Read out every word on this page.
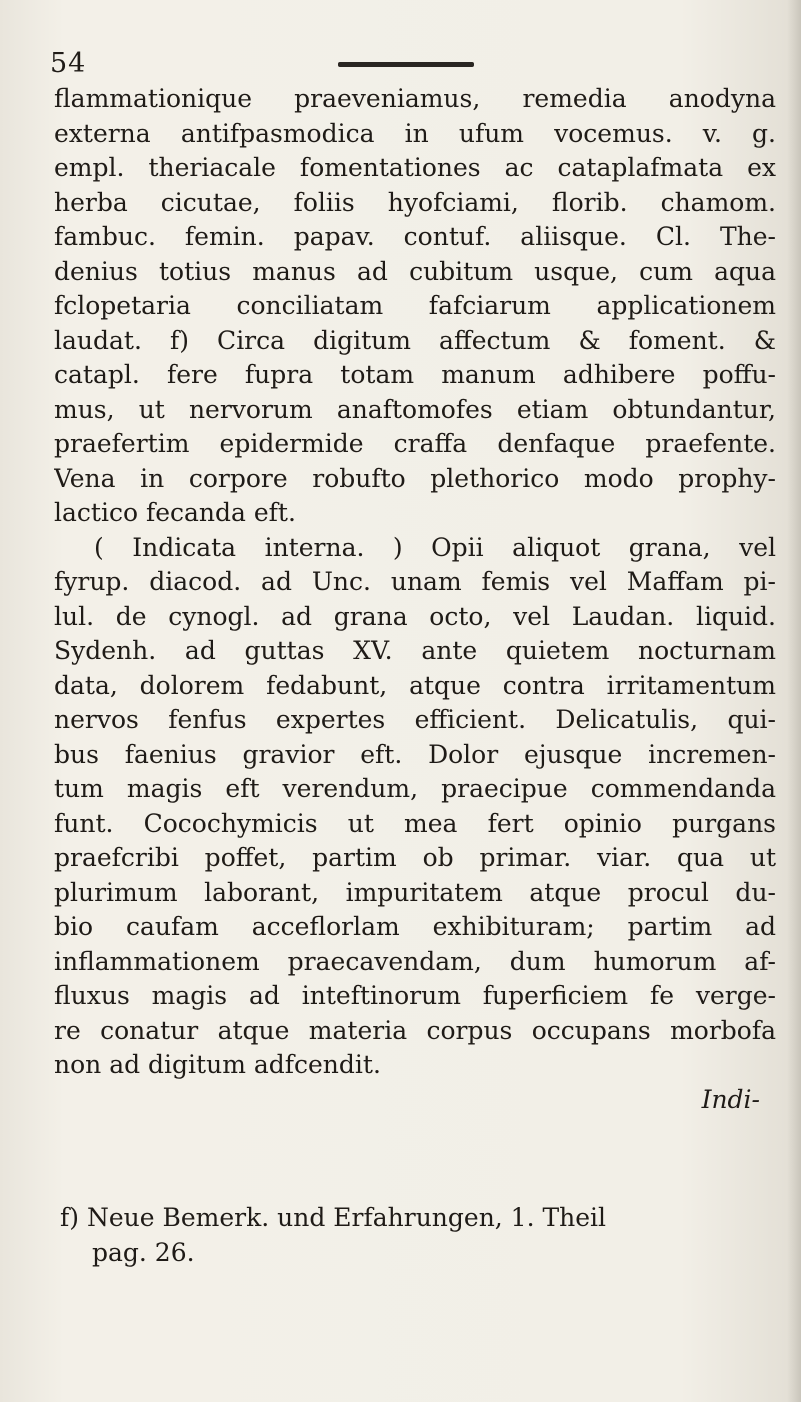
54
flammationique praeveniamus, remedia anodyna
externa antifpasmodica in ufum vocemus. v. g.
empl. theriacale fomentationes ac cataplafmata ex
herba cicutae, foliis hyofciami, florib. chamom.
fambuc. femin. papav. contuf. aliisque. Cl. The-
denius totius manus ad cubitum usque, cum aqua
fclopetaria conciliatam fafciarum applicationem
laudat. f) Circa digitum affectum & foment. &
catapl. fere fupra totam manum adhibere poffu-
mus, ut nervorum anaftomofes etiam obtundantur,
praefertim epidermide craffa denfaque praefente.
Vena in corpore robufto plethorico modo prophy-
lactico fecanda eft.
( Indicata interna. ) Opii aliquot grana, vel
fyrup. diacod. ad Unc. unam femis vel Maffam pi-
lul. de cynogl. ad grana octo, vel Laudan. liquid.
Sydenh. ad guttas XV. ante quietem nocturnam
data, dolorem fedabunt, atque contra irritamentum
nervos fenfus expertes efficient. Delicatulis, qui-
bus faenius gravior eft. Dolor ejusque incremen-
tum magis eft verendum, praecipue commendanda
funt. Cocochymicis ut mea fert opinio purgans
praefcribi poffet, partim ob primar. viar. qua ut
plurimum laborant, impuritatem atque procul du-
bio caufam acceflorlam exhibituram; partim ad
inflammationem praecavendam, dum humorum af-
fluxus magis ad inteftinorum fuperficiem fe verge-
re conatur atque materia corpus occupans morbofa
non ad digitum adfcendit.
Indi-
f) Neue Bemerk. und Erfahrungen, 1. Theil
pag. 26.
